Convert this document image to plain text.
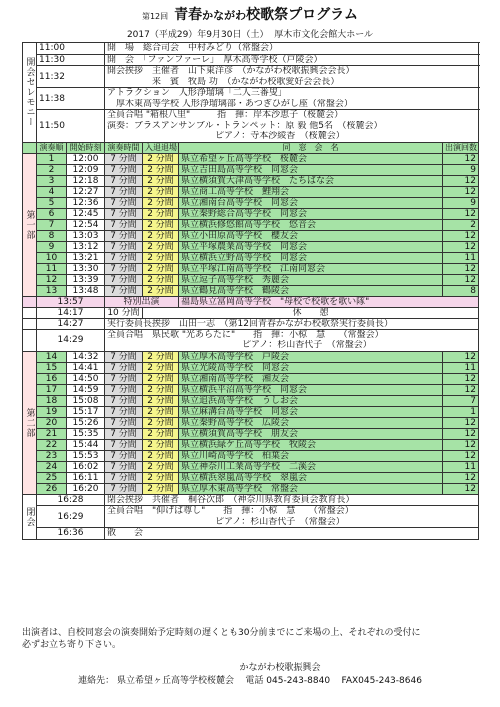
第12回 青春かながわ校歌祭プログラム
2017（平成29）年9月30日（土） 厚木市文化会館大ホール
開会セレモニー	11:00		開　場　総合司会　中村みどり（常盤会）			

	11:30		開　会　「ファンファーレ」　厚木高等学校（戸陵会）			

	11:32		開会挨拶　主催者　山下東洋彦　（かながわ校歌振興会会長）
　　　　　来　賓　牧島 功　（かながわ校歌愛好会会長）			

	11:38		アトラクション　人形浄瑠璃「二人三番叟」
　厚木東高等学校 人形浄瑠璃部・あつぎひがし座（常盤会）			

	11:50		全員合唱 "箱根八里"　　　指　揮：岸本沙恵子（桜麓会）
演奏：ブラスアンサンブル・トランペット：原 毅 他5名　（桜麓会）
　　　　　　　　　　　　ピアノ：寺本沙綾香　（桜麓会）			

	演奏順	開始時刻	演奏時間	入退退場	同　窓　会　名	出演回数
第一部	1	12:00	7 分間	2 分間	県立希望ヶ丘高等学校　桜麓会	12
	2	12:09	7 分間	2 分間	県立吉田島高等学校　同窓会	9
	3	12:18	7 分間	2 分間	県立横須賀大津高等学校　たちばな会	12
	4	12:27	7 分間	2 分間	県立商工高等学校　鯉翔会	12
	5	12:36	7 分間	2 分間	県立湘南台高等学校　同窓会	9
	6	12:45	7 分間	2 分間	県立秦野総合高等学校　同窓会	12
	7	12:54	7 分間	2 分間	県立横浜修悠館高等学校　悠音会	2
	8	13:03	7 分間	2 分間	県立小田原高等学校　櫻友会	12
	9	13:12	7 分間	2 分間	県立平塚農業高等学校　同窓会	12
	10	13:21	7 分間	2 分間	県立横浜立野高等学校　同窓会	11
	11	13:30	7 分間	2 分間	県立平塚江南高等学校　江南同窓会	12
	12	13:39	7 分間	2 分間	県立逗子高等学校　秀麗会	12
	13	13:48	7 分間	2 分間	県立鶴見高等学校　鶴陵会	8
	13:57		特別出演		福島県立富岡高等学校　"母校で校歌を歌い隊"	
	14:17		10 分間	休　　憩		
	14:27		実行委員長挨拶　山田一志　（第12回青春かながわ校歌祭実行委員長）			
	14:29		全員合唱　県民歌 "光あらたに"　　指　揮：小椋　慧　　（常盤会）
　　　　　　　　　　　　　　　ピアノ：杉山香代子　（常盤会）			

第二部	14	14:32	7 分間	2 分間	県立厚木高等学校　戸陵会	12
	15	14:41	7 分間	2 分間	県立光陵高等学校　同窓会	11
	16	14:50	7 分間	2 分間	県立湘南高等学校　湘友会	12
	17	14:59	7 分間	2 分間	県立横浜平沼高等学校　同窓会	12
	18	15:08	7 分間	2 分間	県立追浜高等学校　うしお会	7
	19	15:17	7 分間	2 分間	県立麻溝台高等学校　同窓会	1
	20	15:26	7 分間	2 分間	県立秦野高等学校　広陵会	12
	21	15:35	7 分間	2 分間	県立横須賀高等学校　朋友会	12
	22	15:44	7 分間	2 分間	県立横浜緑ケ丘高等学校　牧陵会	12
	23	15:53	7 分間	2 分間	県立川崎高等学校　柏葉会	12
	24	16:02	7 分間	2 分間	県立神奈川工業高等学校　二溪会	11
	25	16:11	7 分間	2 分間	県立横浜翠嵐高等学校　翠嵐会	12
	26	16:20	7 分間	2 分間	県立厚木東高等学校　常盤会	12
閉会	16:28		閉会挨拶　共催者　桐谷次郎　（神奈川県教育委員会教育長）			

	16:29		全員合唱　"仰げば尊し"　　指　揮：小椋　慧　　（常盤会）
　　　　　　　　　　　　ピアノ：杉山香代子　（常盤会）			

	16:36		散　　会			
出演者は、自校同窓会の演奏開始予定時刻の遅くとも30分前までにご来場の上、それぞれの受付に
必ずお立ち寄り下さい。
かながわ校歌振興会
連絡先： 県立希望ヶ丘高等学校桜麓会 電話 045-243-8840 FAX045-243-8646
